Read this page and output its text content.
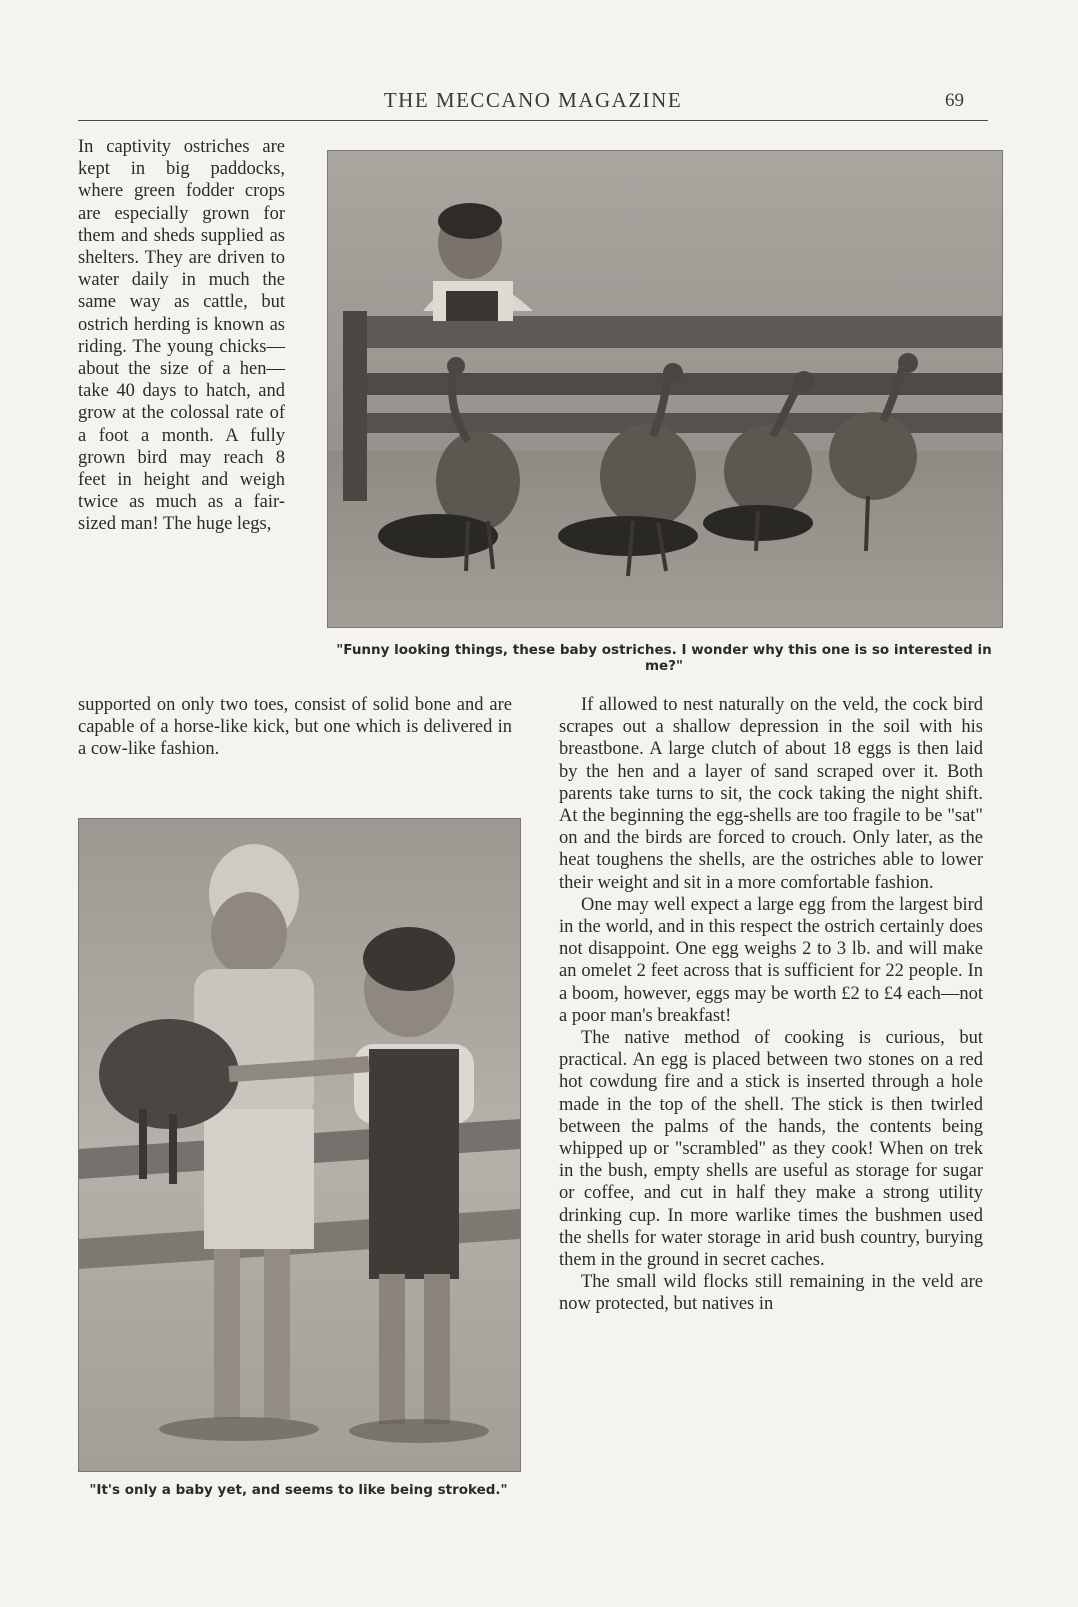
THE MECCANO MAGAZINE	69

In captivity ostriches are kept in big paddocks, where green fodder crops are especially grown for them and sheds supplied as shelters. They are driven to water daily in much the same way as cattle, but ostrich herding is known as riding. The young chicks—about the size of a hen—take 40 days to hatch, and grow at the colossal rate of a foot a month. A fully grown bird may reach 8 feet in height and weigh twice as much as a fair-sized man! The huge legs,

"Funny looking things, these baby ostriches. I wonder why this one is so interested in me?"

supported on only two toes, consist of solid bone and are capable of a horse-like kick, but one which is delivered in a cow-like fashion.

"It's only a baby yet, and seems to like being stroked."

If allowed to nest naturally on the veld, the cock bird scrapes out a shallow depression in the soil with his breastbone. A large clutch of about 18 eggs is then laid by the hen and a layer of sand scraped over it. Both parents take turns to sit, the cock taking the night shift. At the beginning the egg-shells are too fragile to be "sat" on and the birds are forced to crouch. Only later, as the heat toughens the shells, are the ostriches able to lower their weight and sit in a more comfortable fashion.

One may well expect a large egg from the largest bird in the world, and in this respect the ostrich certainly does not disappoint. One egg weighs 2 to 3 lb. and will make an omelet 2 feet across that is sufficient for 22 people. In a boom, however, eggs may be worth £2 to £4 each—not a poor man's breakfast!

The native method of cooking is curious, but practical. An egg is placed between two stones on a red hot cowdung fire and a stick is inserted through a hole made in the top of the shell. The stick is then twirled between the palms of the hands, the contents being whipped up or "scrambled" as they cook! When on trek in the bush, empty shells are useful as storage for sugar or coffee, and cut in half they make a strong utility drinking cup. In more warlike times the bushmen used the shells for water storage in arid bush country, burying them in the ground in secret caches.

The small wild flocks still remaining in the veld are now protected, but natives in
